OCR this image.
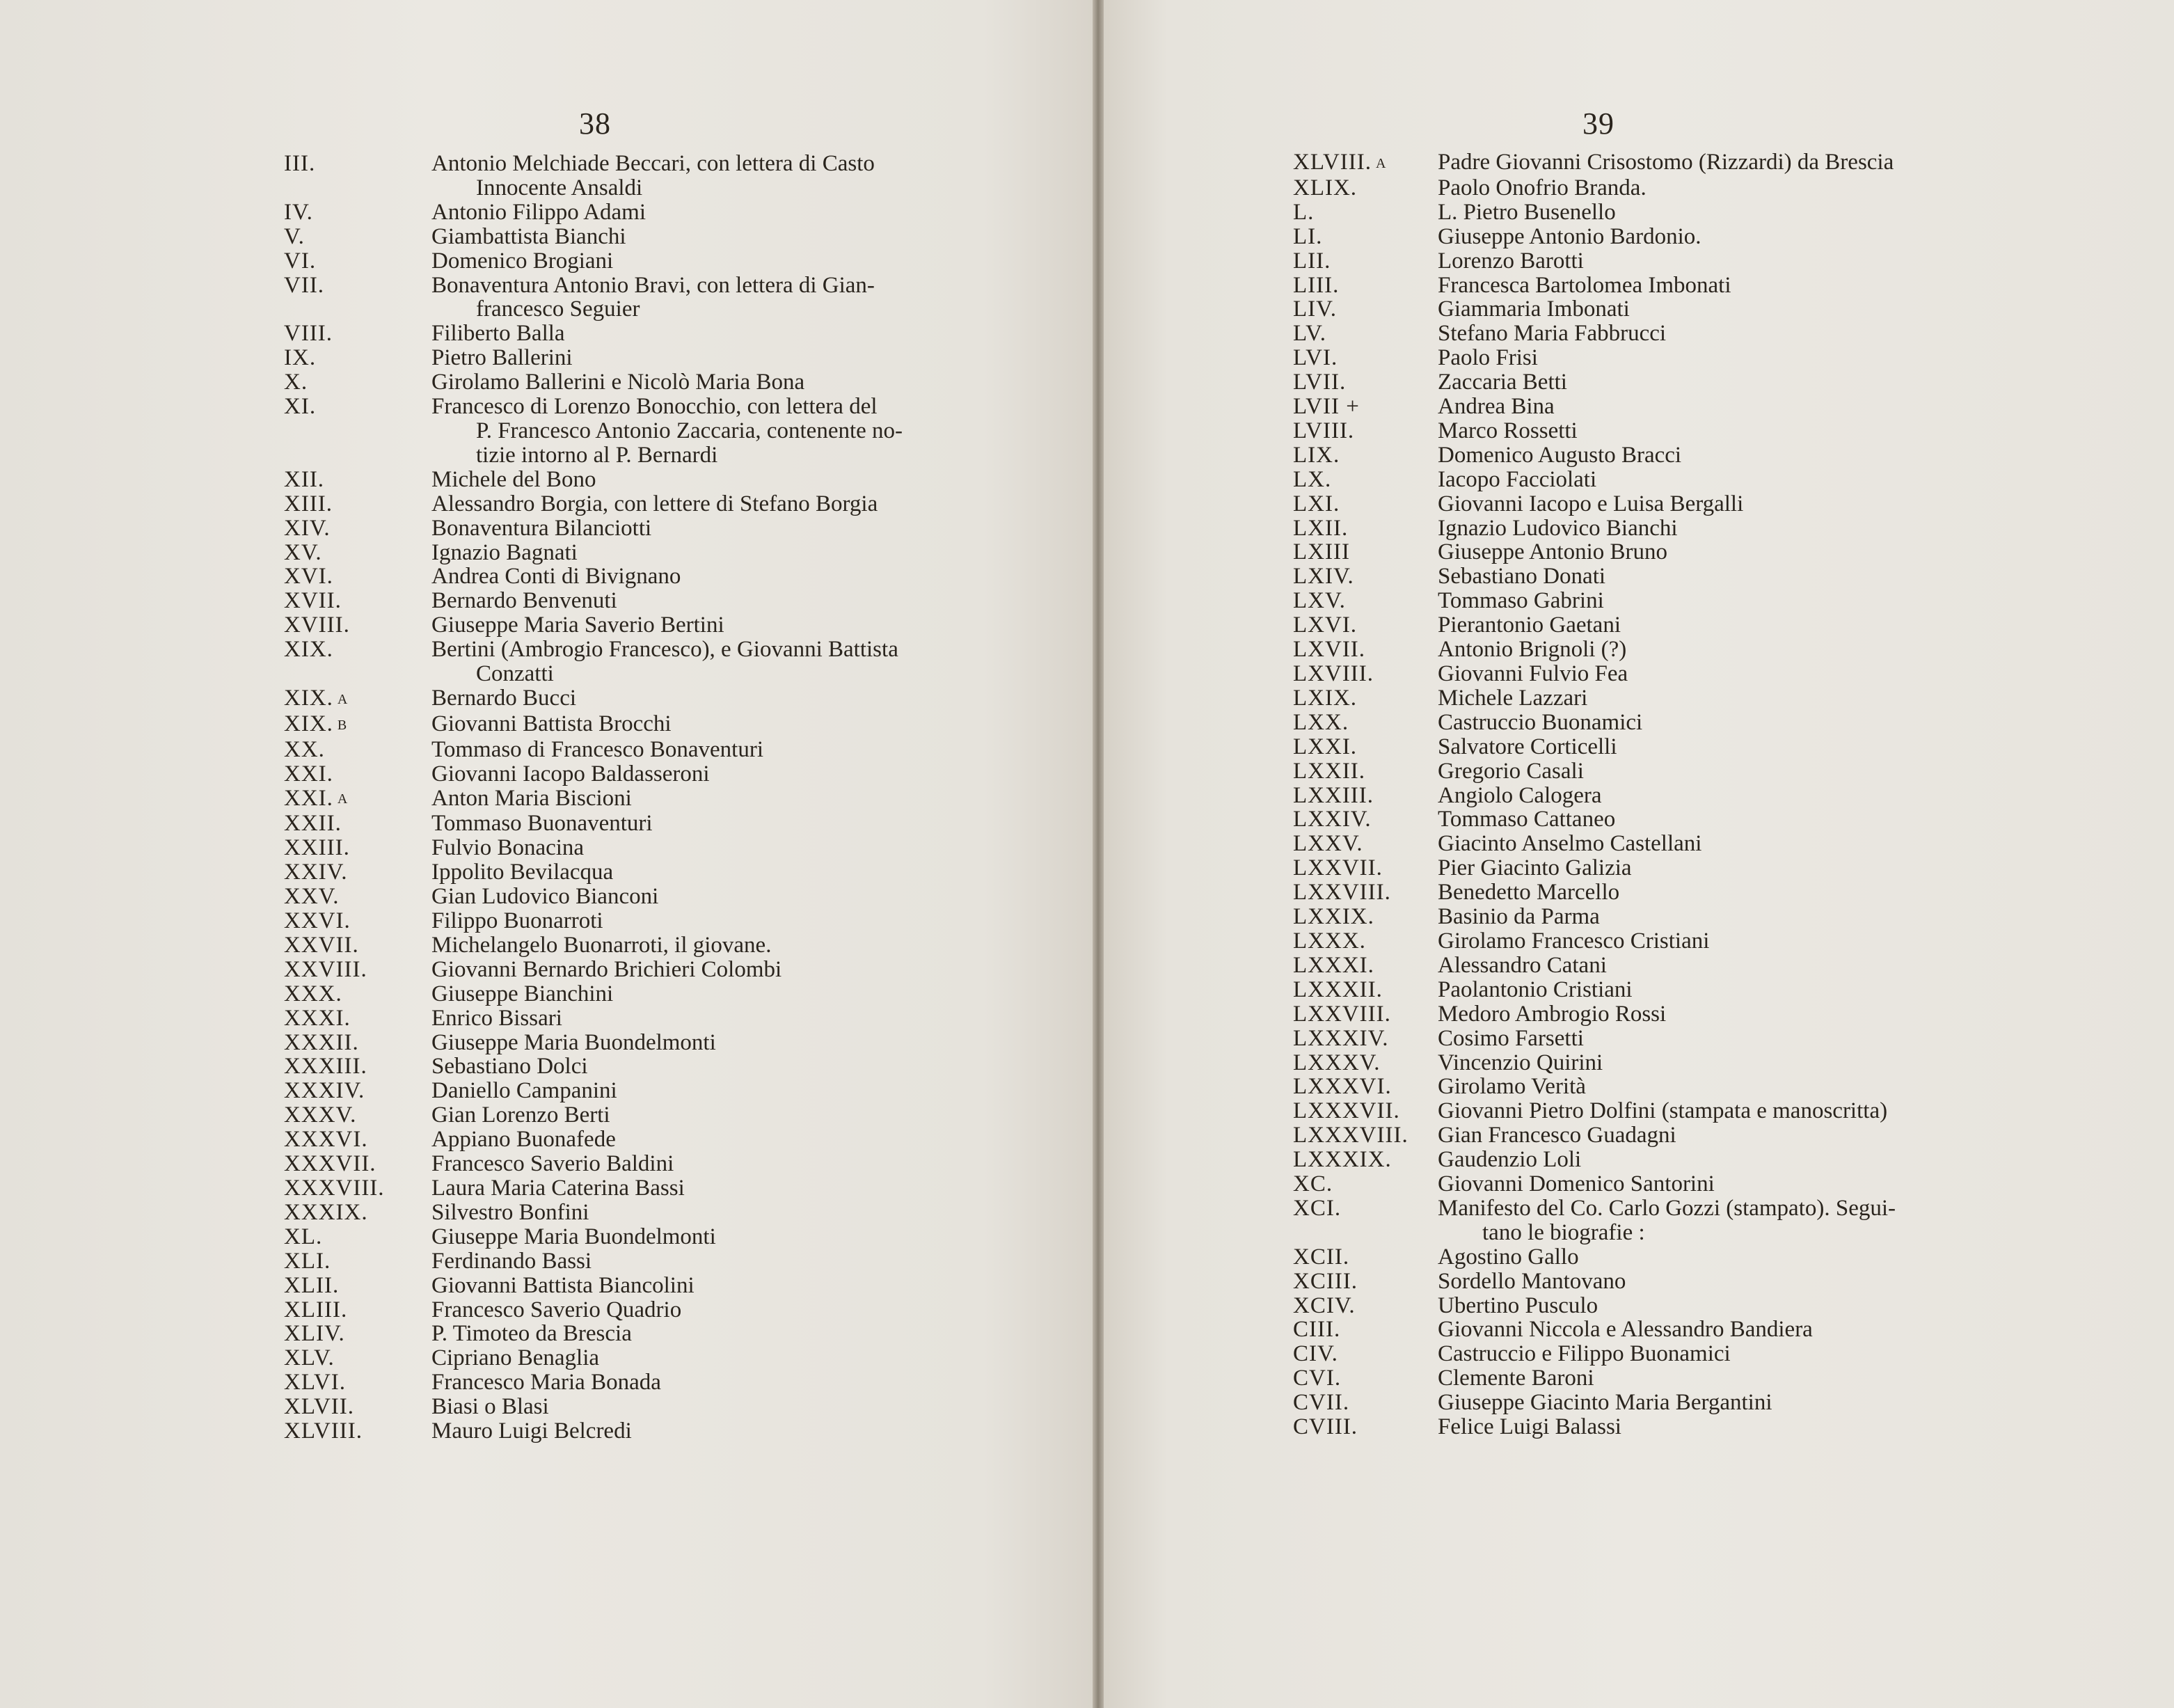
38
III.	Antonio Melchiade Beccari, con lettera di Casto
Innocente Ansaldi
IV.	Antonio Filippo Adami
V.	Giambattista Bianchi
VI.	Domenico Brogiani
VII.	Bonaventura Antonio Bravi, con lettera di Gian-
francesco Seguier
VIII.	Filiberto Balla
IX.	Pietro Ballerini
X.	Girolamo Ballerini e Nicolò Maria Bona
XI.	Francesco di Lorenzo Bonocchio, con lettera del
P. Francesco Antonio Zaccaria, contenente no-
tizie intorno al P. Bernardi
XII.	Michele del Bono
XIII.	Alessandro Borgia, con lettere di Stefano Borgia
XIV.	Bonaventura Bilanciotti
XV.	Ignazio Bagnati
XVI.	Andrea Conti di Bivignano
XVII.	Bernardo Benvenuti
XVIII.	Giuseppe Maria Saverio Bertini
XIX.	Bertini (Ambrogio Francesco), e Giovanni Battista
Conzatti
XIX. A	Bernardo Bucci
XIX. B	Giovanni Battista Brocchi
XX.	Tommaso di Francesco Bonaventuri
XXI.	Giovanni Iacopo Baldasseroni
XXI. A	Anton Maria Biscioni
XXII.	Tommaso Buonaventuri
XXIII.	Fulvio Bonacina
XXIV.	Ippolito Bevilacqua
XXV.	Gian Ludovico Bianconi
XXVI.	Filippo Buonarroti
XXVII.	Michelangelo Buonarroti, il giovane.
XXVIII.	Giovanni Bernardo Brichieri Colombi
XXX.	Giuseppe Bianchini
XXXI.	Enrico Bissari
XXXII.	Giuseppe Maria Buondelmonti
XXXIII.	Sebastiano Dolci
XXXIV.	Daniello Campanini
XXXV.	Gian Lorenzo Berti
XXXVI.	Appiano Buonafede
XXXVII.	Francesco Saverio Baldini
XXXVIII.	Laura Maria Caterina Bassi
XXXIX.	Silvestro Bonfini
XL.	Giuseppe Maria Buondelmonti
XLI.	Ferdinando Bassi
XLII.	Giovanni Battista Biancolini
XLIII.	Francesco Saverio Quadrio
XLIV.	P. Timoteo da Brescia
XLV.	Cipriano Benaglia
XLVI.	Francesco Maria Bonada
XLVII.	Biasi o Blasi
XLVIII.	Mauro Luigi Belcredi
39
XLVIII. A	Padre Giovanni Crisostomo (Rizzardi) da Brescia
XLIX.	Paolo Onofrio Branda.
L.	L. Pietro Busenello
LI.	Giuseppe Antonio Bardonio.
LII.	Lorenzo Barotti
LIII.	Francesca Bartolomea Imbonati
LIV.	Giammaria Imbonati
LV.	Stefano Maria Fabbrucci
LVI.	Paolo Frisi
LVII.	Zaccaria Betti
LVII +	Andrea Bina
LVIII.	Marco Rossetti
LIX.	Domenico Augusto Bracci
LX.	Iacopo Facciolati
LXI.	Giovanni Iacopo e Luisa Bergalli
LXII.	Ignazio Ludovico Bianchi
LXIII	Giuseppe Antonio Bruno
LXIV.	Sebastiano Donati
LXV.	Tommaso Gabrini
LXVI.	Pierantonio Gaetani
LXVII.	Antonio Brignoli (?)
LXVIII.	Giovanni Fulvio Fea
LXIX.	Michele Lazzari
LXX.	Castruccio Buonamici
LXXI.	Salvatore Corticelli
LXXII.	Gregorio Casali
LXXIII.	Angiolo Calogera
LXXIV.	Tommaso Cattaneo
LXXV.	Giacinto Anselmo Castellani
LXXVII.	Pier Giacinto Galizia
LXXVIII.	Benedetto Marcello
LXXIX.	Basinio da Parma
LXXX.	Girolamo Francesco Cristiani
LXXXI.	Alessandro Catani
LXXXII.	Paolantonio Cristiani
LXXVIII.	Medoro Ambrogio Rossi
LXXXIV.	Cosimo Farsetti
LXXXV.	Vincenzio Quirini
LXXXVI.	Girolamo Verità
LXXXVII.	Giovanni Pietro Dolfini (stampata e manoscritta)
LXXXVIII.	Gian Francesco Guadagni
LXXXIX.	Gaudenzio Loli
XC.	Giovanni Domenico Santorini
XCI.	Manifesto del Co. Carlo Gozzi (stampato). Segui-
tano le biografie :
XCII.	Agostino Gallo
XCIII.	Sordello Mantovano
XCIV.	Ubertino Pusculo
CIII.	Giovanni Niccola e Alessandro Bandiera
CIV.	Castruccio e Filippo Buonamici
CVI.	Clemente Baroni
CVII.	Giuseppe Giacinto Maria Bergantini
CVIII.	Felice Luigi Balassi
